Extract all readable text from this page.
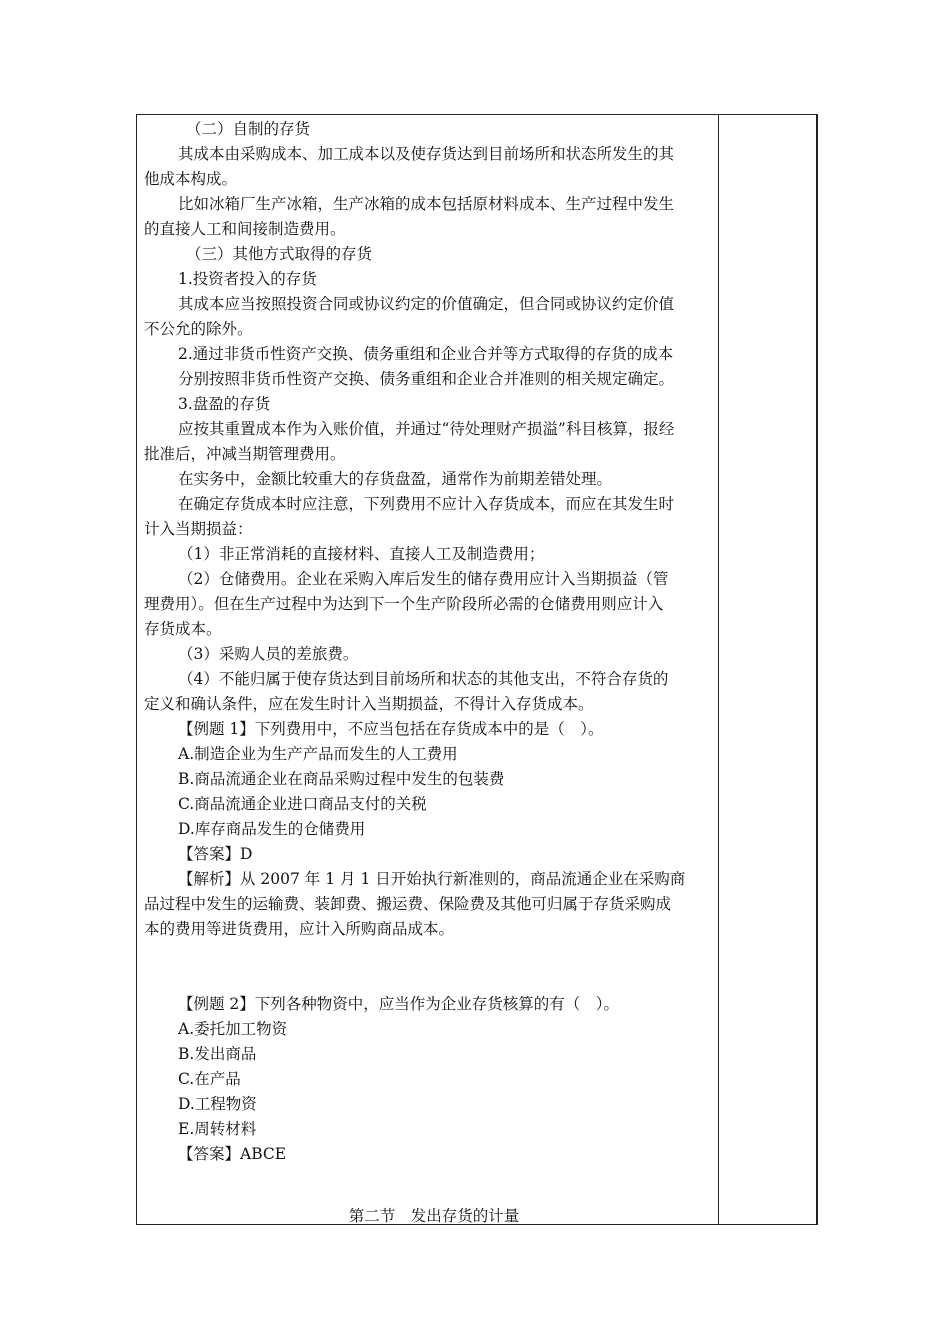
（二）自制的存货
其成本由采购成本、加工成本以及使存货达到目前场所和状态所发生的其
他成本构成。
比如冰箱厂生产冰箱，生产冰箱的成本包括原材料成本、生产过程中发生
的直接人工和间接制造费用。
（三）其他方式取得的存货
1.投资者投入的存货
其成本应当按照投资合同或协议约定的价值确定，但合同或协议约定价值
不公允的除外。
2.通过非货币性资产交换、债务重组和企业合并等方式取得的存货的成本
分别按照非货币性资产交换、债务重组和企业合并准则的相关规定确定。
3.盘盈的存货
应按其重置成本作为入账价值，并通过“待处理财产损溢”科目核算，报经
批准后，冲减当期管理费用。
在实务中，金额比较重大的存货盘盈，通常作为前期差错处理。
在确定存货成本时应注意，下列费用不应计入存货成本，而应在其发生时
计入当期损益：
（1）非正常消耗的直接材料、直接人工及制造费用；
（2）仓储费用。企业在采购入库后发生的储存费用应计入当期损益（管
理费用）。但在生产过程中为达到下一个生产阶段所必需的仓储费用则应计入
存货成本。
（3）采购人员的差旅费。
（4）不能归属于使存货达到目前场所和状态的其他支出，不符合存货的
定义和确认条件，应在发生时计入当期损益，不得计入存货成本。
【例题 1】下列费用中，不应当包括在存货成本中的是（　）。
A.制造企业为生产产品而发生的人工费用
B.商品流通企业在商品采购过程中发生的包装费
C.商品流通企业进口商品支付的关税
D.库存商品发生的仓储费用
【答案】D
【解析】从 2007 年 1 月 1 日开始执行新准则的，商品流通企业在采购商
品过程中发生的运输费、装卸费、搬运费、保险费及其他可归属于存货采购成
本的费用等进货费用，应计入所购商品成本。
【例题 2】下列各种物资中，应当作为企业存货核算的有（　）。
A.委托加工物资
B.发出商品
C.在产品
D.工程物资
E.周转材料
【答案】ABCE
第二节　发出存货的计量
